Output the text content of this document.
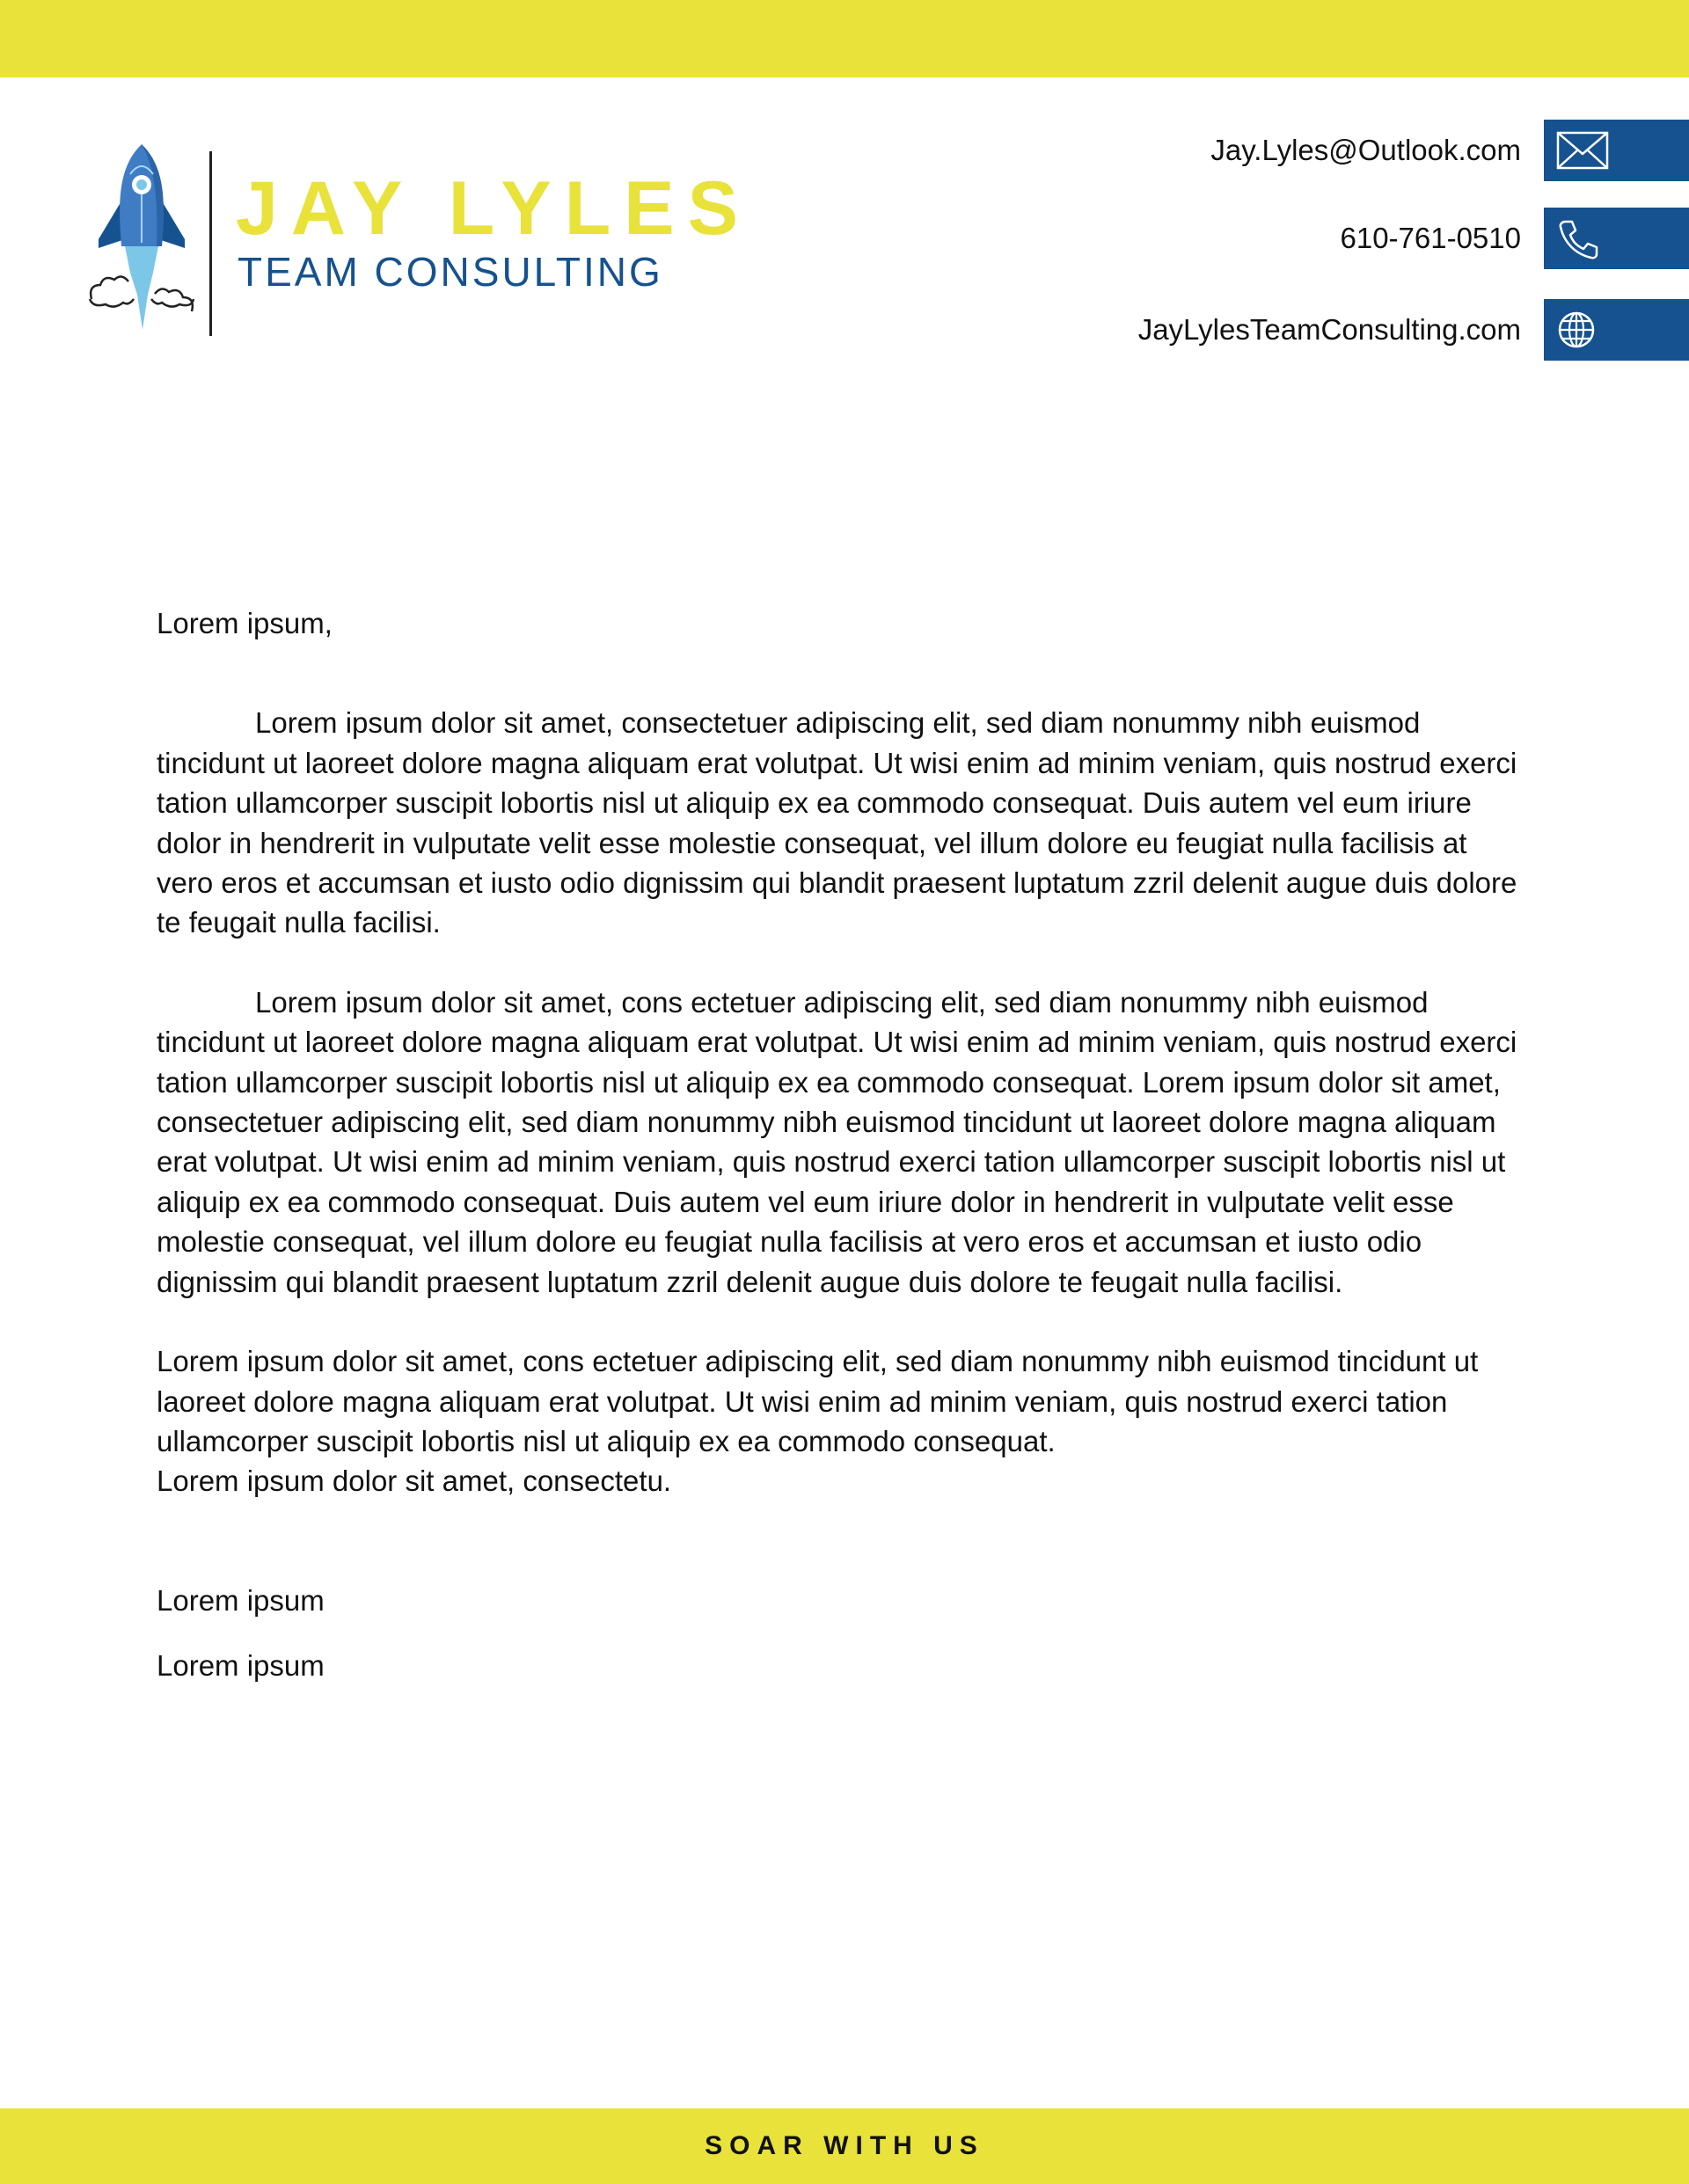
JAY LYLES
TEAM CONSULTING
Jay.Lyles@Outlook.com
610-761-0510
JayLylesTeamConsulting.com

Lorem ipsum,

Lorem ipsum dolor sit amet, consectetuer adipiscing elit, sed diam nonummy nibh euismod tincidunt ut laoreet dolore magna aliquam erat volutpat. Ut wisi enim ad minim veniam, quis nostrud exerci tation ullamcorper suscipit lobortis nisl ut aliquip ex ea commodo consequat. Duis autem vel eum iriure dolor in hendrerit in vulputate velit esse molestie consequat, vel illum dolore eu feugiat nulla facilisis at vero eros et accumsan et iusto odio dignissim qui blandit praesent luptatum zzril delenit augue duis dolore te feugait nulla facilisi.

Lorem ipsum dolor sit amet, cons ectetuer adipiscing elit, sed diam nonummy nibh euismod tincidunt ut laoreet dolore magna aliquam erat volutpat. Ut wisi enim ad minim veniam, quis nostrud exerci tation ullamcorper suscipit lobortis nisl ut aliquip ex ea commodo consequat. Lorem ipsum dolor sit amet, consectetuer adipiscing elit, sed diam nonummy nibh euismod tincidunt ut laoreet dolore magna aliquam erat volutpat. Ut wisi enim ad minim veniam, quis nostrud exerci tation ullamcorper suscipit lobortis nisl ut aliquip ex ea commodo consequat. Duis autem vel eum iriure dolor in hendrerit in vulputate velit esse molestie consequat, vel illum dolore eu feugiat nulla facilisis at vero eros et accumsan et iusto odio dignissim qui blandit praesent luptatum zzril delenit augue duis dolore te feugait nulla facilisi.

Lorem ipsum dolor sit amet, cons ectetuer adipiscing elit, sed diam nonummy nibh euismod tincidunt ut laoreet dolore magna aliquam erat volutpat. Ut wisi enim ad minim veniam, quis nostrud exerci tation ullamcorper suscipit lobortis nisl ut aliquip ex ea commodo consequat.

Lorem ipsum dolor sit amet, consectetu.

Lorem ipsum

Lorem ipsum

SOAR WITH US
